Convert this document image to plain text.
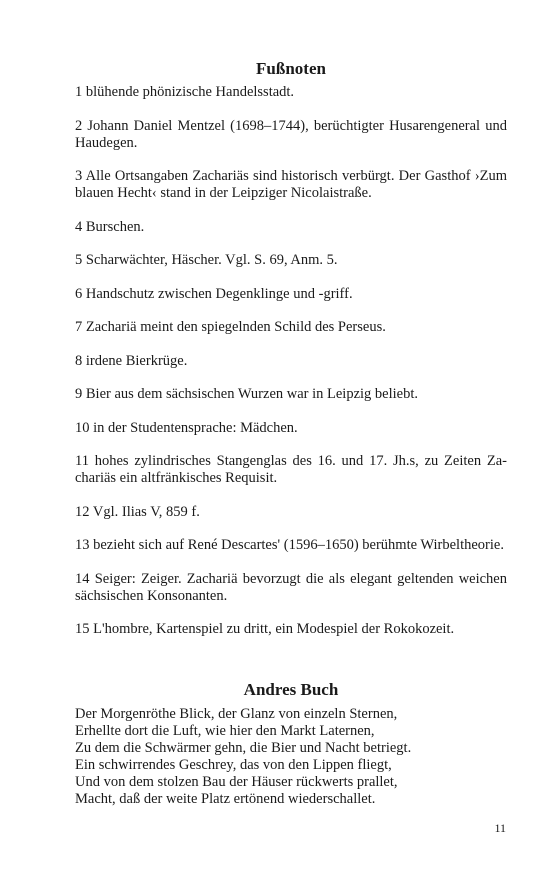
Fußnoten
1 blühende phönizische Handelsstadt.
2 Johann Daniel Mentzel (1698–1744), berüchtigter Husarengeneral und Haudegen.
3 Alle Ortsangaben Zachariäs sind historisch verbürgt. Der Gasthof ›Zum blauen Hecht‹ stand in der Leipziger Nicolaistraße.
4 Burschen.
5 Scharwächter, Häscher. Vgl. S. 69, Anm. 5.
6 Handschutz zwischen Degenklinge und -griff.
7 Zachariä meint den spiegelnden Schild des Perseus.
8 irdene Bierkrüge.
9 Bier aus dem sächsischen Wurzen war in Leipzig beliebt.
10 in der Studentensprache: Mädchen.
11 hohes zylindrisches Stangenglas des 16. und 17. Jh.s, zu Zeiten Zachariäs ein altfränkisches Requisit.
12 Vgl. Ilias V, 859 f.
13 bezieht sich auf René Descartes' (1596–1650) berühmte Wirbeltheorie.
14 Seiger: Zeiger. Zachariä bevorzugt die als elegant geltenden weichen sächsischen Konsonanten.
15 L'hombre, Kartenspiel zu dritt, ein Modespiel der Rokokozeit.
Andres Buch
Der Morgenröthe Blick, der Glanz von einzeln Sternen,
Erhellte dort die Luft, wie hier den Markt Laternen,
Zu dem die Schwärmer gehn, die Bier und Nacht betriegt.
Ein schwirrendes Geschrey, das von den Lippen fliegt,
Und von dem stolzen Bau der Häuser rückwerts prallet,
Macht, daß der weite Platz ertönend wiederschallet.
11
